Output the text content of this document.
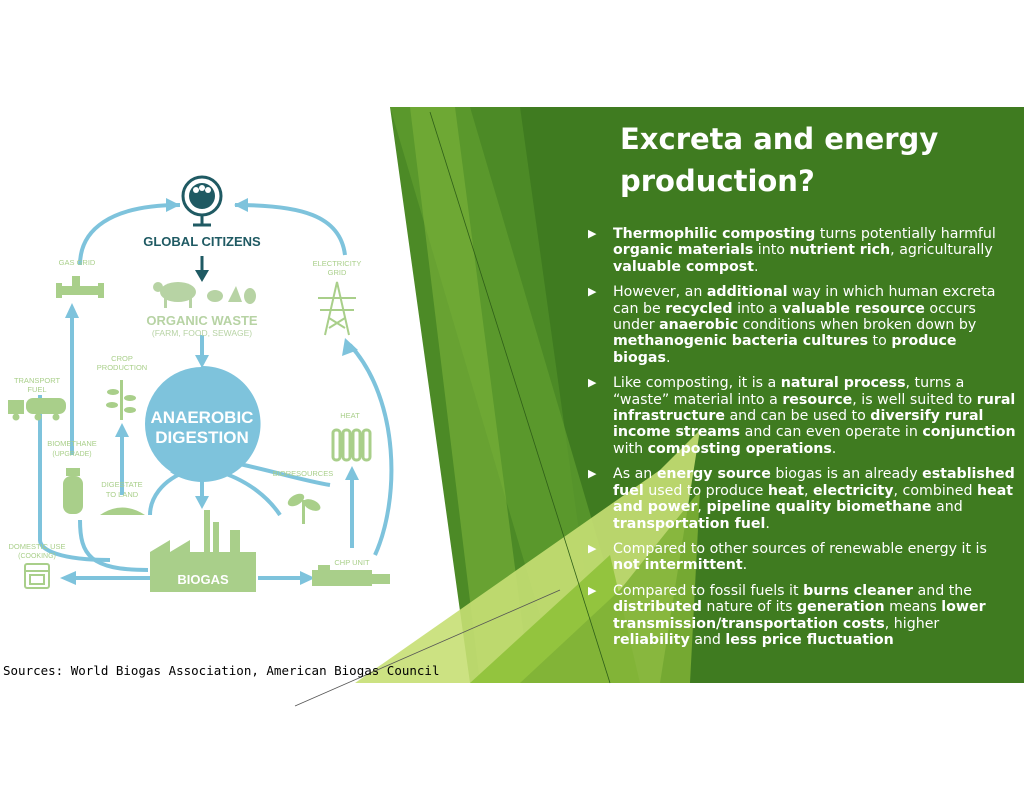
GLOBAL CITIZENS
ORGANIC WASTE
(FARM, FOOD, SEWAGE)
ANAEROBIC
DIGESTION
BIOGAS
GAS GRID	ELECTRICITY
GRID
CROP
PRODUCTION
TRANSPORT
FUEL
BIOMETHANE
(UPGRADE)
DIGESTATE
TO LAND
HEAT
BIORESOURCES
DOMESTIC USE
(COOKING)
CHP UNIT
Excreta and energy
production?
▶ Thermophilic composting turns potentially harmful organic materials into nutrient rich, agriculturally valuable compost.
▶ However, an additional way in which human excreta can be recycled into a valuable resource occurs under anaerobic conditions when broken down by methanogenic bacteria cultures to produce biogas.
▶ Like composting, it is a natural process, turns a “waste” material into a resource, is well suited to rural infrastructure and can be used to diversify rural income streams and can even operate in conjunction with composting operations.
▶ As an energy source biogas is an already established fuel used to produce heat, electricity, combined heat and power, pipeline quality biomethane and transportation fuel.
▶ Compared to other sources of renewable energy it is not intermittent.
▶ Compared to fossil fuels it burns cleaner and the distributed nature of its generation means lower transmission/transportation costs, higher reliability and less price fluctuation
Sources: World Biogas Association, American Biogas Council
